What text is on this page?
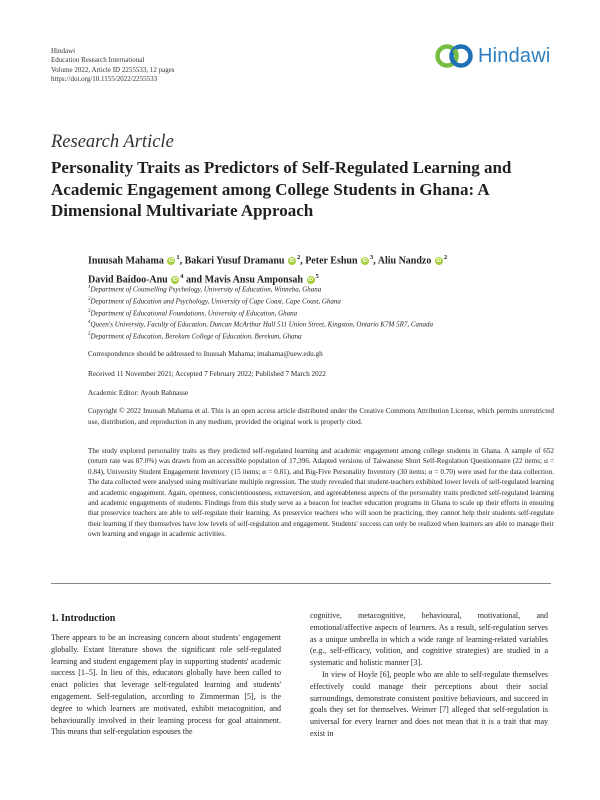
Hindawi
Education Research International
Volume 2022, Article ID 2255533, 12 pages
https://doi.org/10.1155/2022/2255533
Hindawi
Research Article
Personality Traits as Predictors of Self-Regulated Learning and Academic Engagement among College Students in Ghana: A Dimensional Multivariate Approach
Inuusah Mahama $iD^1$, Bakari Yusuf Dramanu $iD^2$, Peter Eshun $iD^3$, Aliu Nandzo $iD^2$
David Baidoo-Anu $iD^4$ and Mavis Ansu Amponsah $iD^5$
$^1$Department of Counselling Psychology, University of Education, Winneba, Ghana
$^2$Department of Education and Psychology, University of Cape Coast, Cape Coast, Ghana
$^3$Department of Educational Foundations, University of Education, Ghana
$^4$Queen's University, Faculty of Education, Duncan McArthur Hall 511 Union Street, Kingston, Ontario K7M 5R7, Canada
$^5$Department of Education, Berekum College of Education, Berekum, Ghana
Correspondence should be addressed to Inuusah Mahama; imahama@uew.edu.gh
Received 11 November 2021; Accepted 7 February 2022; Published 7 March 2022
Academic Editor: Ayoub Bahnasse
Copyright © 2022 Inuusah Mahama et al. This is an open access article distributed under the Creative Commons Attribution License, which permits unrestricted use, distribution, and reproduction in any medium, provided the original work is properly cited.
The study explored personality traits as they predicted self-regulated learning and academic engagement among college students in Ghana. A sample of 652 (return rate was 87.0%) was drawn from an accessible population of 17,396. Adapted versions of Taiwanese Short Self-Regulation Questionnaire (22 items; α = 0.84), University Student Engagement Inventory (15 items; α = 0.81), and Big-Five Personality Inventory (30 items; α = 0.70) were used for the data collection. The data collected were analysed using multivariate multiple regression. The study revealed that student-teachers exhibited lower levels of self-regulated learning and academic engagement. Again, openness, conscientiousness, extraversion, and agreeableness aspects of the personality traits predicted self-regulated learning and academic engagements of students. Findings from this study serve as a beacon for teacher education programs in Ghana to scale up their efforts in ensuring that preservice teachers are able to self-regulate their learning. As preservice teachers who will soon be practicing, they cannot help their students self-regulate their learning if they themselves have low levels of self-regulation and engagement. Students' success can only be realized when learners are able to manage their own learning and engage in academic activities.
1. Introduction

There appears to be an increasing concern about students' engagement globally. Extant literature shows the significant role self-regulated learning and student engagement play in supporting students' academic success [1–5]. In lieu of this, educators globally have been called to enact policies that leverage self-regulated learning and students' engagement. Self-regulation, according to Zimmerman [5], is the degree to which learners are motivated, exhibit metacognition, and behaviourally involved in their learning process for goal attainment. This means that self-regulation espouses the

cognitive, metacognitive, behavioural, motivational, and emotional/affective aspects of learners. As a result, self-regulation serves as a unique umbrella in which a wide range of learning-related variables (e.g., self-efficacy, volition, and cognitive strategies) are studied in a systematic and holistic manner [3].

In view of Hoyle [6], people who are able to self-regulate themselves effectively could manage their perceptions about their social surroundings, demonstrate consistent positive behaviours, and succeed in goals they set for themselves. Weimer [7] alleged that self-regulation is universal for every learner and does not mean that it is a trait that may exist in
